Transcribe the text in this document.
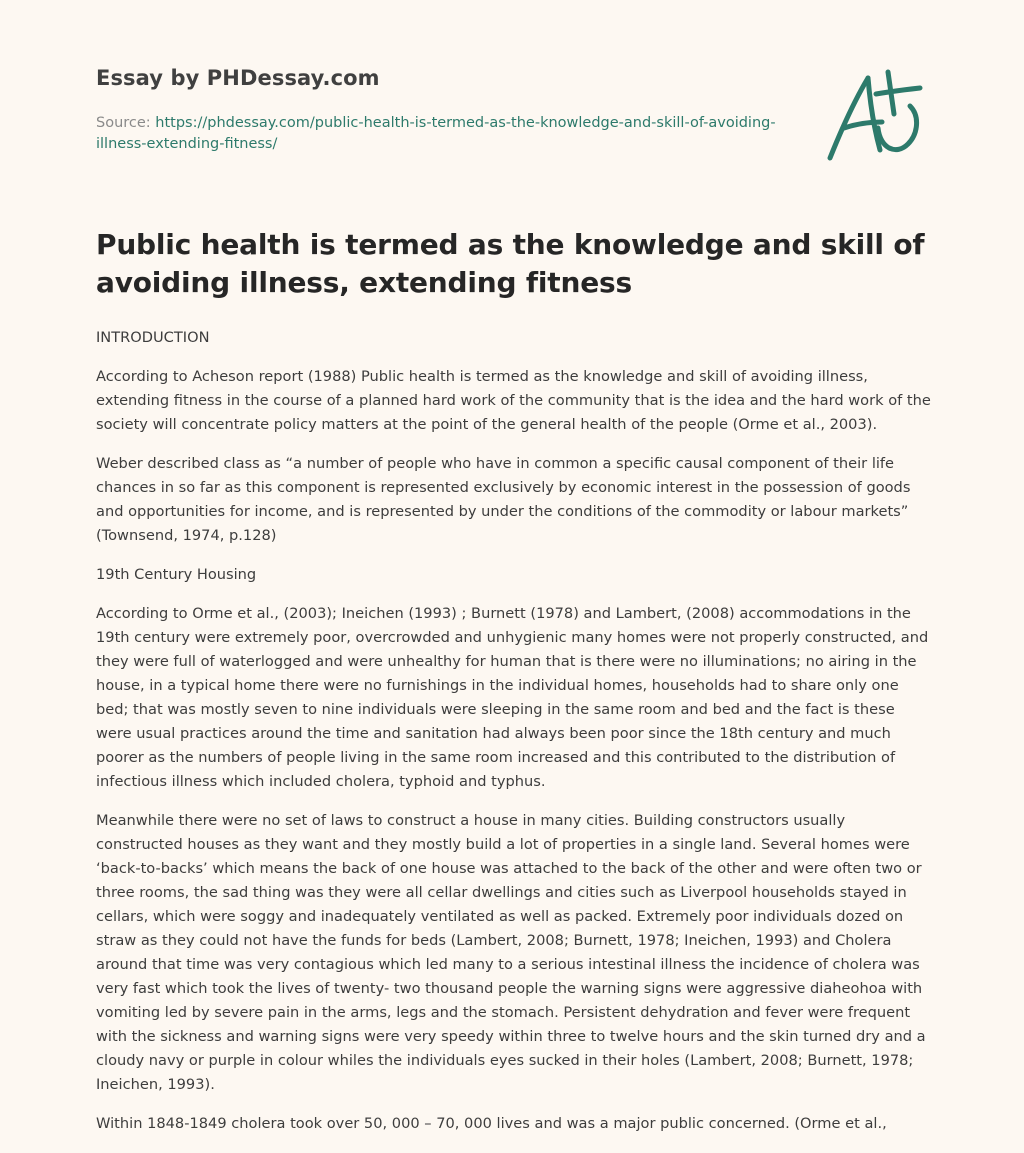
Essay by PHDessay.com

Source: https://phdessay.com/public-health-is-termed-as-the-knowledge-and-skill-of-avoiding-illness-extending-fitness/

Public health is termed as the knowledge and skill of avoiding illness, extending fitness

INTRODUCTION

According to Acheson report (1988) Public health is termed as the knowledge and skill of avoiding illness, extending fitness in the course of a planned hard work of the community that is the idea and the hard work of the society will concentrate policy matters at the point of the general health of the people (Orme et al., 2003).

Weber described class as “a number of people who have in common a specific causal component of their life chances in so far as this component is represented exclusively by economic interest in the possession of goods and opportunities for income, and is represented by under the conditions of the commodity or labour markets” (Townsend, 1974, p.128)

19th Century Housing

According to Orme et al., (2003); Ineichen (1993) ; Burnett (1978) and Lambert, (2008) accommodations in the 19th century were extremely poor, overcrowded and unhygienic many homes were not properly constructed, and they were full of waterlogged and were unhealthy for human that is there were no illuminations; no airing in the house, in a typical home there were no furnishings in the individual homes, households had to share only one bed; that was mostly seven to nine individuals were sleeping in the same room and bed and the fact is these were usual practices around the time and sanitation had always been poor since the 18th century and much poorer as the numbers of people living in the same room increased and this contributed to the distribution of infectious illness which included cholera, typhoid and typhus.

Meanwhile there were no set of laws to construct a house in many cities. Building constructors usually constructed houses as they want and they mostly build a lot of properties in a single land. Several homes were ‘back-to-backs’ which means the back of one house was attached to the back of the other and were often two or three rooms, the sad thing was they were all cellar dwellings and cities such as Liverpool households stayed in cellars, which were soggy and inadequately ventilated as well as packed. Extremely poor individuals dozed on straw as they could not have the funds for beds (Lambert, 2008; Burnett, 1978; Ineichen, 1993) and Cholera around that time was very contagious which led many to a serious intestinal illness the incidence of cholera was very fast which took the lives of twenty- two thousand people the warning signs were aggressive diaheohoa with vomiting led by severe pain in the arms, legs and the stomach. Persistent dehydration and fever were frequent with the sickness and warning signs were very speedy within three to twelve hours and the skin turned dry and a cloudy navy or purple in colour whiles the individuals eyes sucked in their holes (Lambert, 2008; Burnett, 1978; Ineichen, 1993).

Within 1848-1849 cholera took over 50, 000 – 70, 000 lives and was a major public concerned. (Orme et al.,
